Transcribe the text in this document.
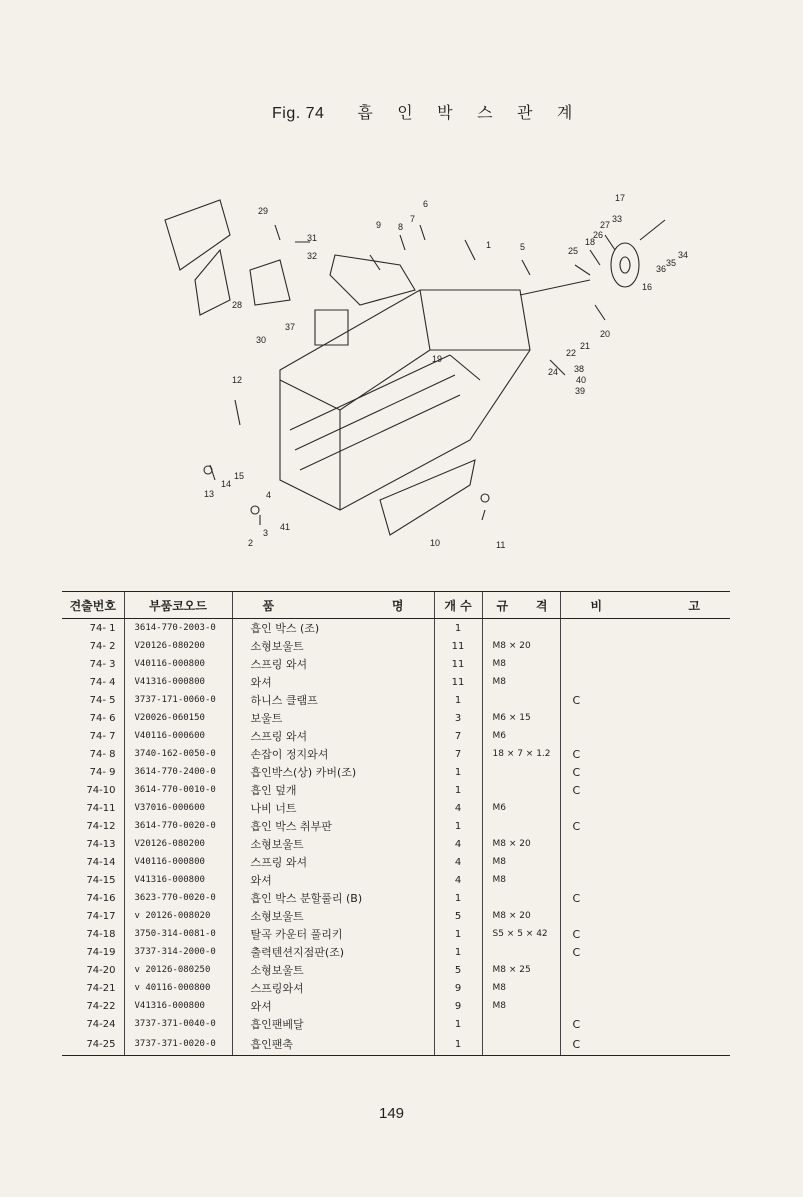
Fig. 74 흡 인 박 스 관 계
1
2
3
4
5
6
7
8
9
10	11
12
13
14
15
16
17
18
19
20
21
22
24
25
26
27
28
29
30
31
32
33
34
35
36
37
38
39
40
41
견출번호	부품코오드	품 명	개 수	규 격	비 고

74- 1	3614-770-2003-0	흡인 박스 (조)	1		
74- 2	V20126-080200	소형보울트	11	M8 × 20	
74- 3	V40116-000800	스프링 와셔	11	M8	
74- 4	V41316-000800	와셔	11	M8	
74- 5	3737-171-0060-0	하니스 클램프	1		C
74- 6	V20026-060150	보울트	3	M6 × 15	
74- 7	V40116-000600	스프링 와셔	7	M6	
74- 8	3740-162-0050-0	손잡이 정지와셔	7	18 × 7 × 1.2	C
74- 9	3614-770-2400-0	흡인박스(상) 카버(조)	1		C
74-10	3614-770-0010-0	흡인 덮개	1		C
74-11	V37016-000600	나비 너트	4	M6	
74-12	3614-770-0020-0	흡인 박스 취부판	1		C
74-13	V20126-080200	소형보울트	4	M8 × 20	
74-14	V40116-000800	스프링 와셔	4	M8	
74-15	V41316-000800	와셔	4	M8	
74-16	3623-770-0020-0	흡인 박스 분할풀리 (B)	1		C
74-17	v 20126-008020	소형보울트	5	M8 × 20	
74-18	3750-314-0081-0	탈곡 카운터 풀리키	1	S5 × 5 × 42	C
74-19	3737-314-2000-0	출력텐션지점판(조)	1		C
74-20	v 20126-080250	소형보울트	5	M8 × 25	
74-21	v 40116-000800	스프링와셔	9	M8	
74-22	V41316-000800	와셔	9	M8	
74-24	3737-371-0040-0	흡인팬베달	1		C
74-25	3737-371-0020-0	흡인팬축	1		C
149
